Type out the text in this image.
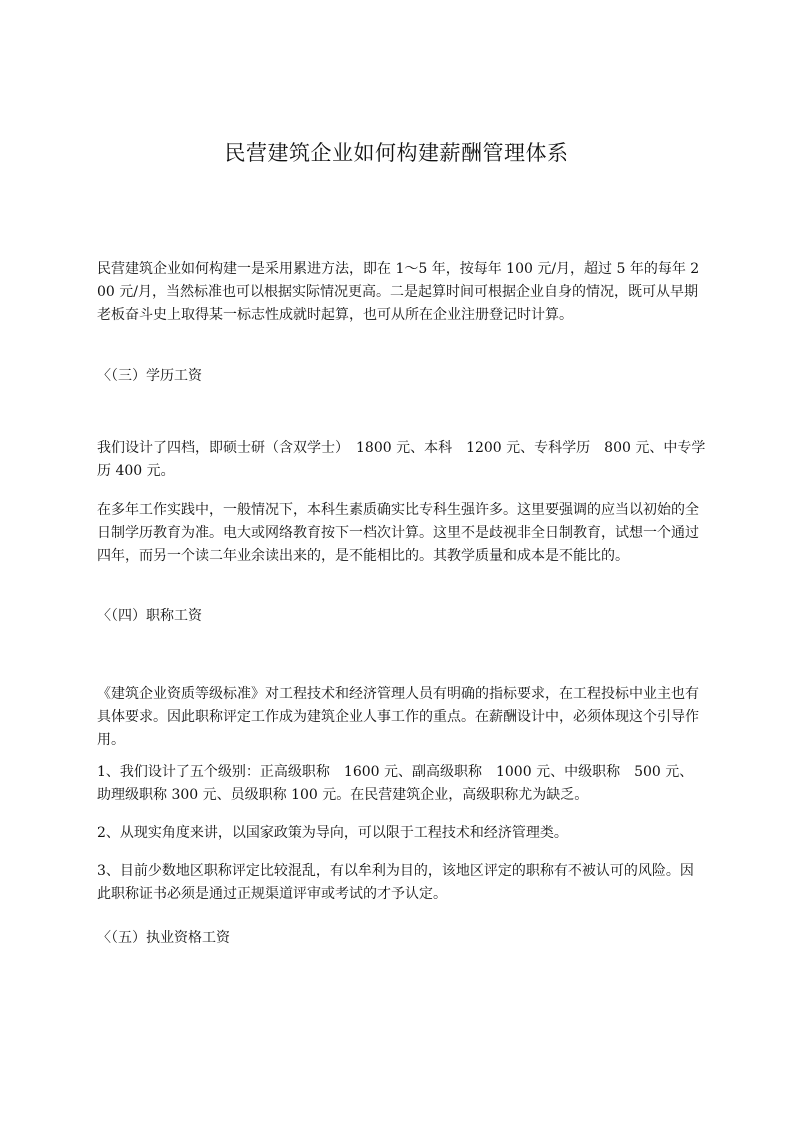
民营建筑企业如何构建薪酬管理体系

民营建筑企业如何构建一是采用累进方法，即在 1～5 年，按每年 100 元/月，超过 5 年的每年 200 元/月，当然标准也可以根据实际情况更高。二是起算时间可根据企业自身的情况，既可从早期老板奋斗史上取得某一标志性成就时起算，也可从所在企业注册登记时计算。

〈（三）学历工资

我们设计了四档，即硕士研（含双学士）　1800 元、本科　1200 元、专科学历　800 元、中专学历 400 元。

在多年工作实践中，一般情况下，本科生素质确实比专科生强许多。这里要强调的应当以初始的全日制学历教育为准。电大或网络教育按下一档次计算。这里不是歧视非全日制教育，试想一个通过四年，而另一个读二年业余读出来的，是不能相比的。其教学质量和成本是不能比的。

〈（四）职称工资

《建筑企业资质等级标准》对工程技术和经济管理人员有明确的指标要求，在工程投标中业主也有具体要求。因此职称评定工作成为建筑企业人事工作的重点。在薪酬设计中，必须体现这个引导作用。

1、我们设计了五个级别：正高级职称　1600 元、副高级职称　1000 元、中级职称　500 元、助理级职称 300 元、员级职称 100 元。在民营建筑企业，高级职称尤为缺乏。

2、从现实角度来讲，以国家政策为导向，可以限于工程技术和经济管理类。

3、目前少数地区职称评定比较混乱，有以牟利为目的，该地区评定的职称有不被认可的风险。因此职称证书必须是通过正规渠道评审或考试的才予认定。

〈（五）执业资格工资
